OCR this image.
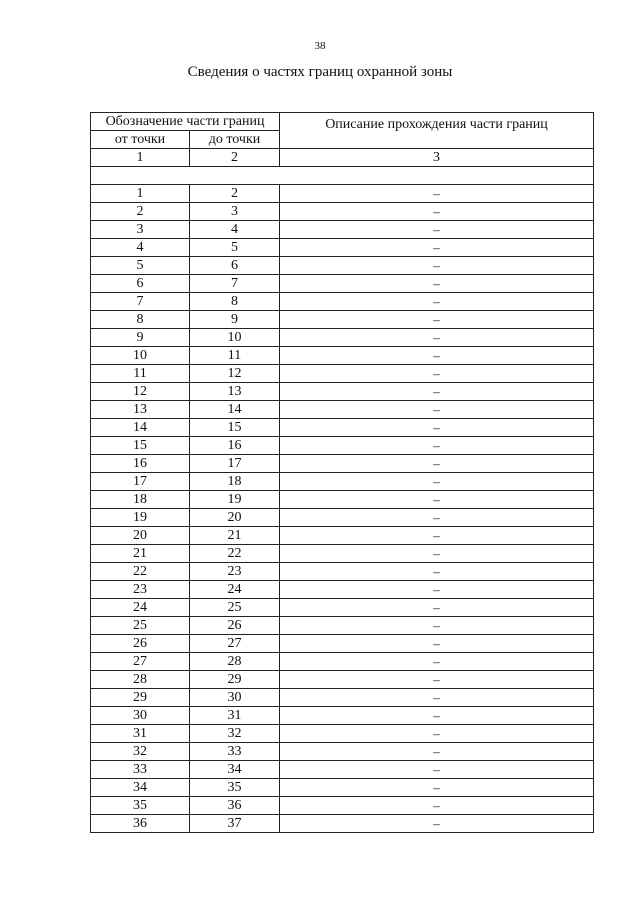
38
Сведения о частях границ охранной зоны
Обозначение части границ		Описание прохождения части границ
от точки	до точки	
1	2	3

1	2	–
2	3	–
3	4	–
4	5	–
5	6	–
6	7	–
7	8	–
8	9	–
9	10	–
10	11	–
11	12	–
12	13	–
13	14	–
14	15	–
15	16	–
16	17	–
17	18	–
18	19	–
19	20	–
20	21	–
21	22	–
22	23	–
23	24	–
24	25	–
25	26	–
26	27	–
27	28	–
28	29	–
29	30	–
30	31	–
31	32	–
32	33	–
33	34	–
34	35	–
35	36	–
36	37	–
